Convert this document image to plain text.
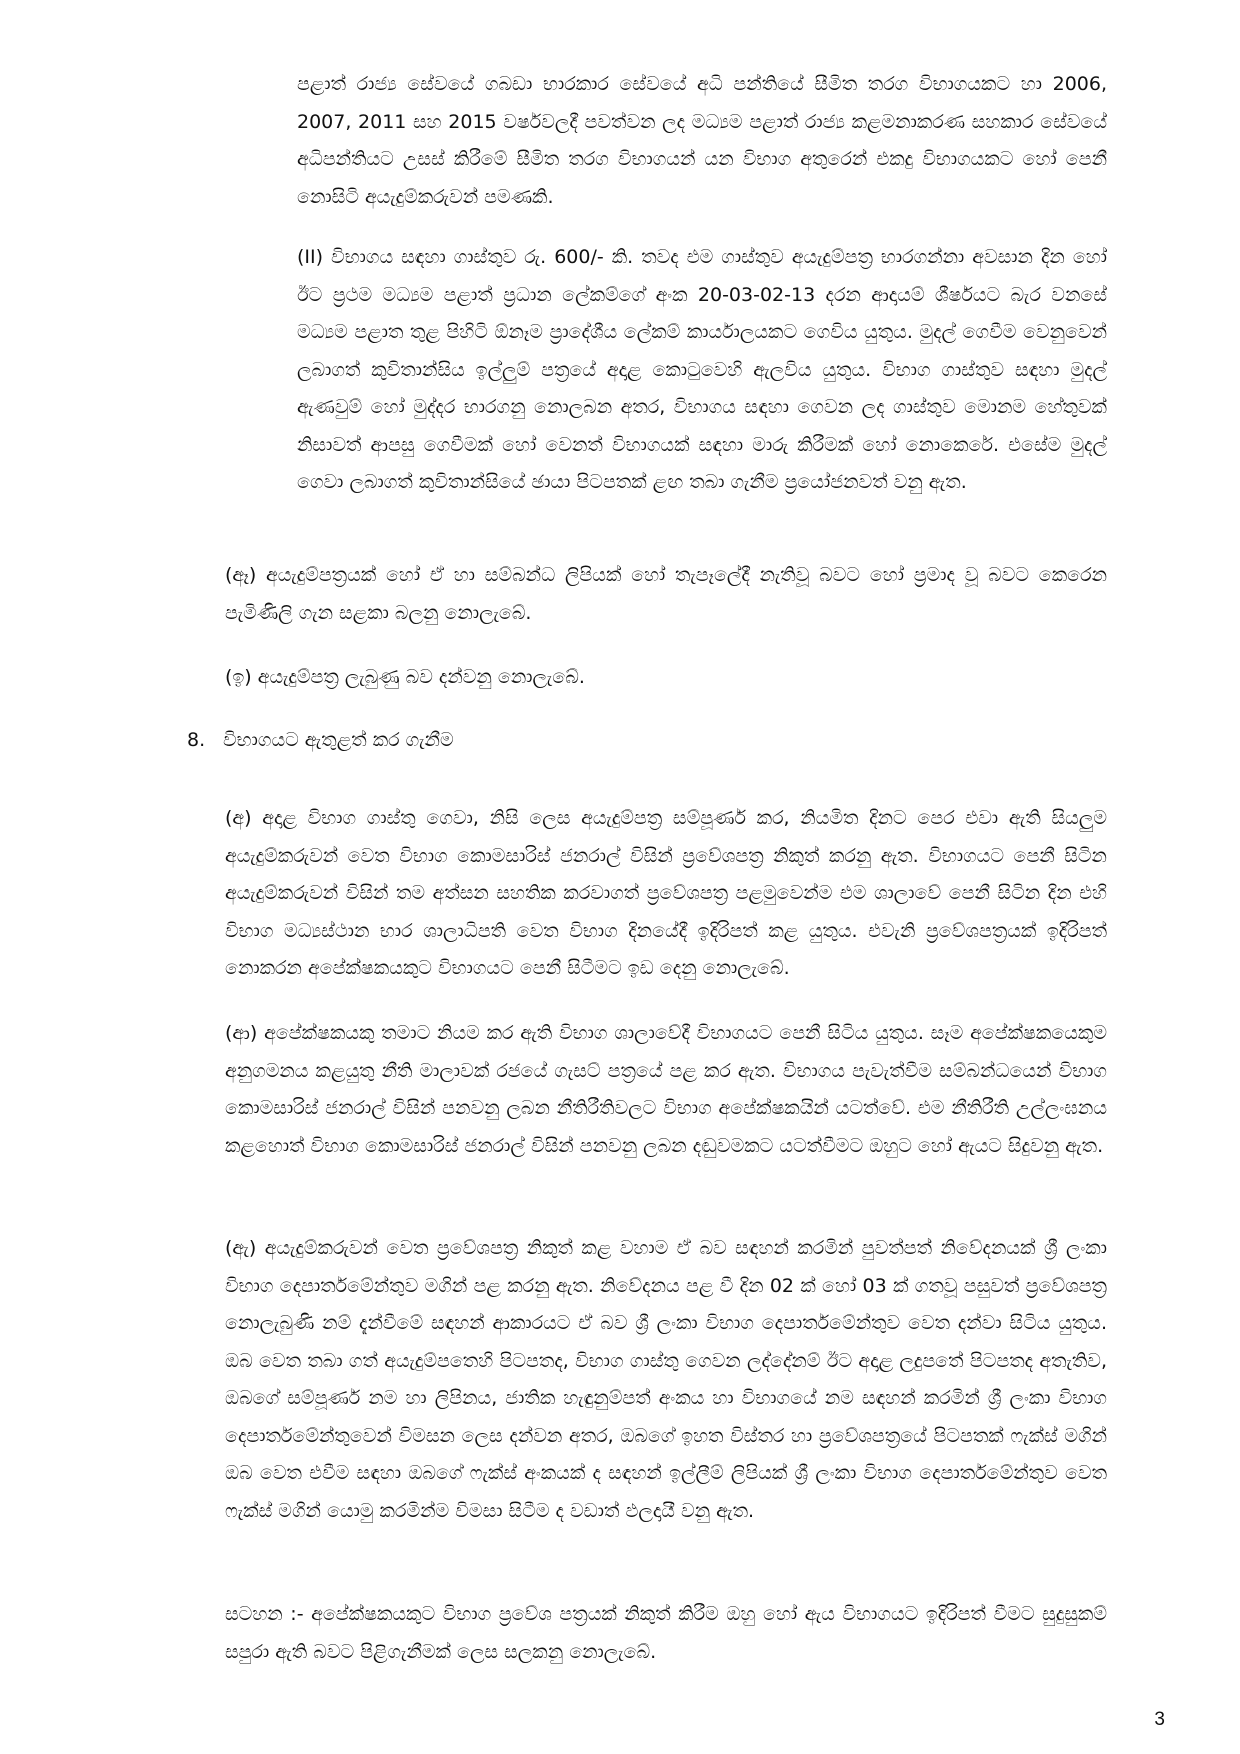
පළාත් රාජ්‍ය සේවයේ ගබඩා භාරකාර සේවයේ අධි පන්තියේ සීමිත තරග විභාගයකට හා 2006, 2007, 2011 සහ 2015 වර්ෂවලදී පවත්වන ලද මධ්‍යම පළාත් රාජ්‍ය කළමනාකරණ සහකාර සේවයේ අධිපන්තියට උසස් කිරීමේ සීමිත තරග විභාගයන් යන විභාග අතුරෙන් එකදු විභාගයකට හෝ පෙනී නොසිටි අයැදුම්කරුවන් පමණකි.

(II) විභාගය සඳහා ගාස්තුව රු. 600/- කි. තවද එම ගාස්තුව අයැදුම්පත්‍ර භාරගන්නා අවසාන දින හෝ ඊට ප්‍රථම මධ්‍යම පළාත් ප්‍රධාන ලේකම්ගේ අංක 20-03-02-13 දරන ආදායම් ශීර්ෂයට බැර වනසේ මධ්‍යම පළාත තුළ පිහිටි ඕනෑම ප්‍රාදේශීය ලේකම් කාර්යාලයකට ගෙවිය යුතුය. මුදල් ගෙවීම වෙනුවෙන් ලබාගත් කුවිතාන්සිය ඉල්ලුම් පත්‍රයේ අදාළ කොටුවෙහි ඇලවිය යුතුය. විභාග ගාස්තුව සඳහා මුදල් ඇණවුම් හෝ මුද්දර භාරගනු නොලබන අතර, විභාගය සඳහා ගෙවන ලද ගාස්තුව මොනම හේතුවක් නිසාවත් ආපසු ගෙවීමක් හෝ වෙනත් විභාගයක් සඳහා මාරු කිරීමක් හෝ නොකෙරේ. එසේම මුදල් ගෙවා ලබාගත් කුවිතාන්සියේ ඡායා පිටපතක් ළඟ තබා ගැනීම ප්‍රයෝජනවත් වනු ඇත.

(ඈ) අයැදුම්පත්‍රයක් හෝ ඒ හා සම්බන්ධ ලිපියක් හෝ තැපෑලේදී නැතිවූ බවට හෝ ප්‍රමාද වූ බවට කෙරෙන පැමිණිලි ගැන සළකා බලනු නොලැබේ.

(ඉ) අයැදුම්පත්‍ර ලැබුණු බව දන්වනු නොලැබේ.

8. විභාගයට ඇතුළත් කර ගැනීම

(අ) අදාළ විභාග ගාස්තු ගෙවා, නිසි ලෙස අයැදුම්පත්‍ර සම්පූර්ණ කර, නියමිත දිනට පෙර එවා ඇති සියලුම අයැදුම්කරුවන් වෙත විභාග කොමසාරිස් ජනරාල් විසින් ප්‍රවේශපත්‍ර නිකුත් කරනු ඇත. විභාගයට පෙනී සිටින අයැදුම්කරුවන් විසින් තම අත්සන සහතික කරවාගත් ප්‍රවේශපත්‍ර පළමුවෙන්ම එම ශාලාවේ පෙනී සිටින දින එහි විභාග මධ්‍යස්ථාන භාර ශාලාධිපති වෙත විභාග දිනයේදී ඉදිරිපත් කළ යුතුය. එවැනි ප්‍රවේශපත්‍රයක් ඉදිරිපත් නොකරන අපේක්ෂකයකුට විභාගයට පෙනී සිටීමට ඉඩ දෙනු නොලැබේ.

(ආ) අපේක්ෂකයකු තමාට නියම කර ඇති විභාග ශාලාවේදී විභාගයට පෙනී සිටිය යුතුය. සෑම අපේක්ෂකයෙකුම අනුගමනය කළයුතු නීති මාලාවක් රජයේ ගැසට් පත්‍රයේ පළ කර ඇත. විභාගය පැවැත්වීම සම්බන්ධයෙන් විභාග කොමසාරිස් ජනරාල් විසින් පනවනු ලබන නීතිරීතිවලට විභාග අපේක්ෂකයින් යටත්වේ. එම නීතිරීති උල්ලංඝනය කළහොත් විභාග කොමසාරිස් ජනරාල් විසින් පනවනු ලබන දඬුවමකට යටත්වීමට ඔහුට හෝ ඇයට සිදුවනු ඇත.

(ඇ) අයැදුම්කරුවන් වෙත ප්‍රවේශපත්‍ර නිකුත් කළ වහාම ඒ බව සඳහන් කරමින් පුවත්පත් නිවේදනයක් ශ්‍රී ලංකා විභාග දෙපාර්තමේන්තුව මගින් පළ කරනු ඇත. නිවේදනය පළ වී දින 02 ක් හෝ 03 ක් ගතවූ පසුවත් ප්‍රවේශපත්‍ර නොලැබුණි නම් දැන්වීමේ සඳහන් ආකාරයට ඒ බව ශ්‍රී ලංකා විභාග දෙපාර්තමේන්තුව වෙත දන්වා සිටිය යුතුය. ඔබ වෙත තබා ගත් අයැදුම්පතෙහි පිටපතද, විභාග ගාස්තු ගෙවන ලද්දේනම් ඊට අදාළ ලදුපතේ පිටපතද අතැතිව, ඔබගේ සම්පූර්ණ නම හා ලිපිනය, ජාතික හැඳුනුම්පත් අංකය හා විභාගයේ නම සඳහන් කරමින් ශ්‍රී ලංකා විභාග දෙපාර්තමේන්තුවෙන් විමසන ලෙස දන්වන අතර, ඔබගේ ඉහත විස්තර හා ප්‍රවේශපත්‍රයේ පිටපතක් ෆැක්ස් මගින් ඔබ වෙත එවීම සඳහා ඔබගේ ෆැක්ස් අංකයක් ද සඳහන් ඉල්ලීම් ලිපියක් ශ්‍රී ලංකා විභාග දෙපාර්තමේන්තුව වෙත ෆැක්ස් මගින් යොමු කරමින්ම විමසා සිටීම ද වඩාත් ඵලදායී වනු ඇත.

සටහන :- අපේක්ෂකයකුට විභාග ප්‍රවේශ පත්‍රයක් නිකුත් කිරීම ඔහු හෝ ඇය විභාගයට ඉදිරිපත් වීමට සුදුසුකම් සපුරා ඇති බවට පිළිගැනීමක් ලෙස සලකනු නොලැබේ.

3
